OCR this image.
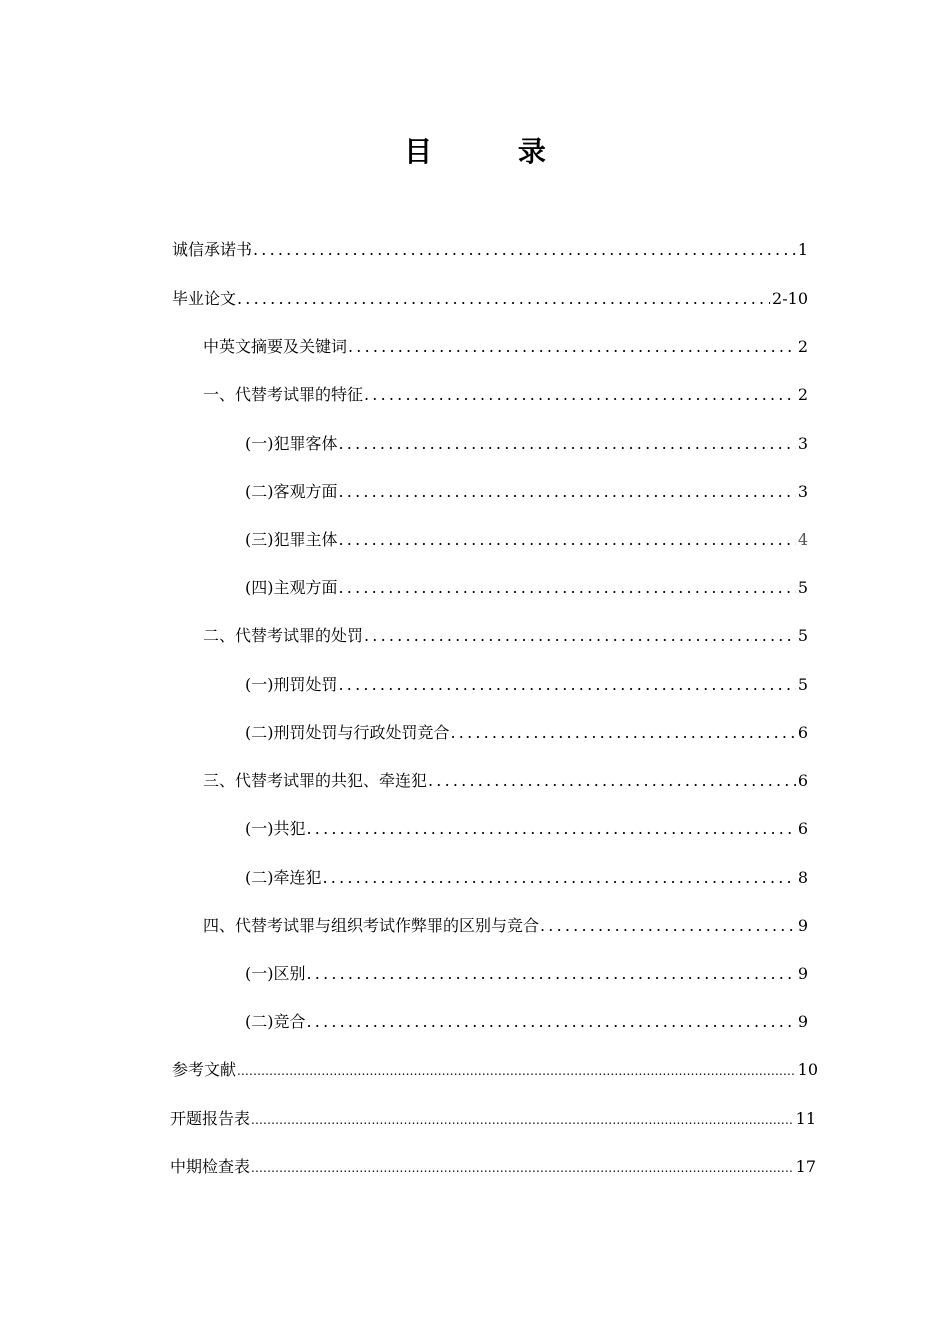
目 录
诚信承诺书 .....	1
毕业论文 .....	2-10
中英文摘要及关键词 .....	2
一、代替考试罪的特征 .....	2
(一)犯罪客体 .....	3
(二)客观方面 .....	3
(三)犯罪主体 .....	4
(四)主观方面 .....	5
二、代替考试罪的处罚 .....	5
(一)刑罚处罚 .....	5
(二)刑罚处罚与行政处罚竞合 .....	6
三、代替考试罪的共犯、牵连犯 .....	6
(一)共犯 .....	6
(二)牵连犯 .....	8
四、代替考试罪与组织考试作弊罪的区别与竞合 .....	9
(一)区别 .....	9
(二)竞合 .....	9
参考文献 .....	10
开题报告表 .....	11
中期检查表 .....	17
